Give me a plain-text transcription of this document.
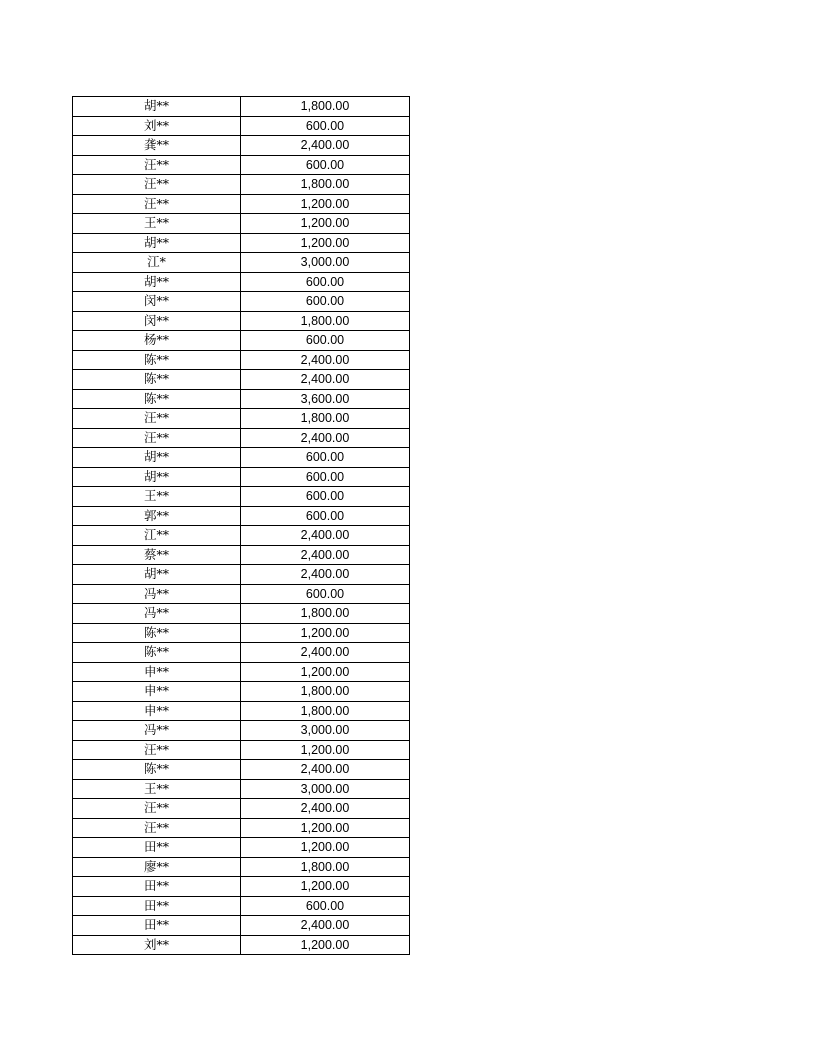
胡**	1,800.00
刘**	600.00
龚**	2,400.00
汪**	600.00
汪**	1,800.00
汪**	1,200.00
王**	1,200.00
胡**	1,200.00
江*	3,000.00
胡**	600.00
闵**	600.00
闵**	1,800.00
杨**	600.00
陈**	2,400.00
陈**	2,400.00
陈**	3,600.00
汪**	1,800.00
汪**	2,400.00
胡**	600.00
胡**	600.00
王**	600.00
郭**	600.00
江**	2,400.00
蔡**	2,400.00
胡**	2,400.00
冯**	600.00
冯**	1,800.00
陈**	1,200.00
陈**	2,400.00
申**	1,200.00
申**	1,800.00
申**	1,800.00
冯**	3,000.00
汪**	1,200.00
陈**	2,400.00
王**	3,000.00
汪**	2,400.00
汪**	1,200.00
田**	1,200.00
廖**	1,800.00
田**	1,200.00
田**	600.00
田**	2,400.00
刘**	1,200.00
